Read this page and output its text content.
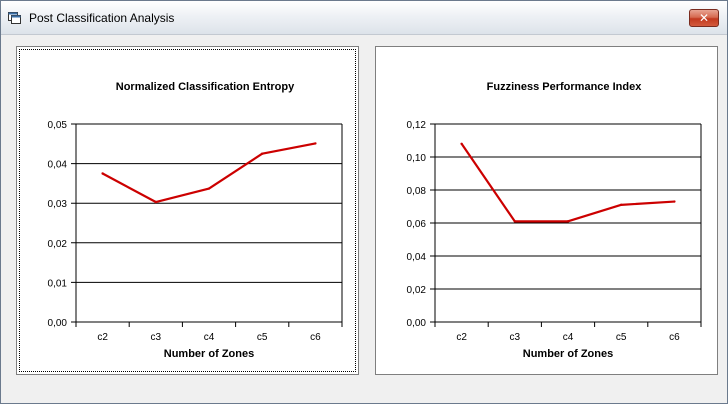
Post Classification Analysis	✕
Normalized Classification Entropy
0,00
0,01
0,02
0,03
0,04
0,05
c2	c3	c4	c5	c6
Number of Zones
Fuzziness Performance Index
0,00
0,02
0,04
0,06
0,08
0,10
0,12
c2	c3	c4	c5	c6
Number of Zones
